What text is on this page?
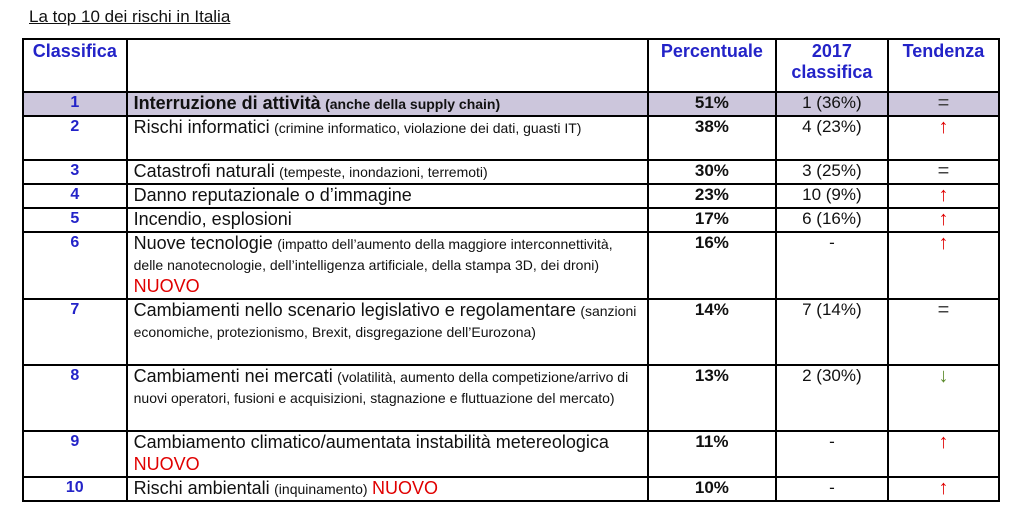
La top 10 dei rischi in Italia
Classifica		Percentuale	2017 classifica	Tendenza
1	Interruzione di attività (anche della supply chain)	51%	1 (36%)	=
2	Rischi informatici (crimine informatico, violazione dei dati, guasti IT)	38%	4 (23%)	↑
3	Catastrofi naturali (tempeste, inondazioni, terremoti)	30%	3 (25%)	=
4	Danno reputazionale o d’immagine	23%	10 (9%)	↑
5	Incendio, esplosioni	17%	6 (16%)	↑
6	Nuove tecnologie (impatto dell’aumento della maggiore interconnettività, delle nanotecnologie, dell’intelligenza artificiale, della stampa 3D, dei droni) NUOVO	16%	-	↑
7	Cambiamenti nello scenario legislativo e regolamentare (sanzioni economiche, protezionismo, Brexit, disgregazione dell’Eurozona)	14%	7 (14%)	=
8	Cambiamenti nei mercati (volatilità, aumento della competizione/arrivo di nuovi operatori, fusioni e acquisizioni, stagnazione e fluttuazione del mercato)	13%	2 (30%)	↓
9	Cambiamento climatico/aumentata instabilità metereologica NUOVO	11%	-	↑
10	Rischi ambientali (inquinamento) NUOVO	10%	-	↑
